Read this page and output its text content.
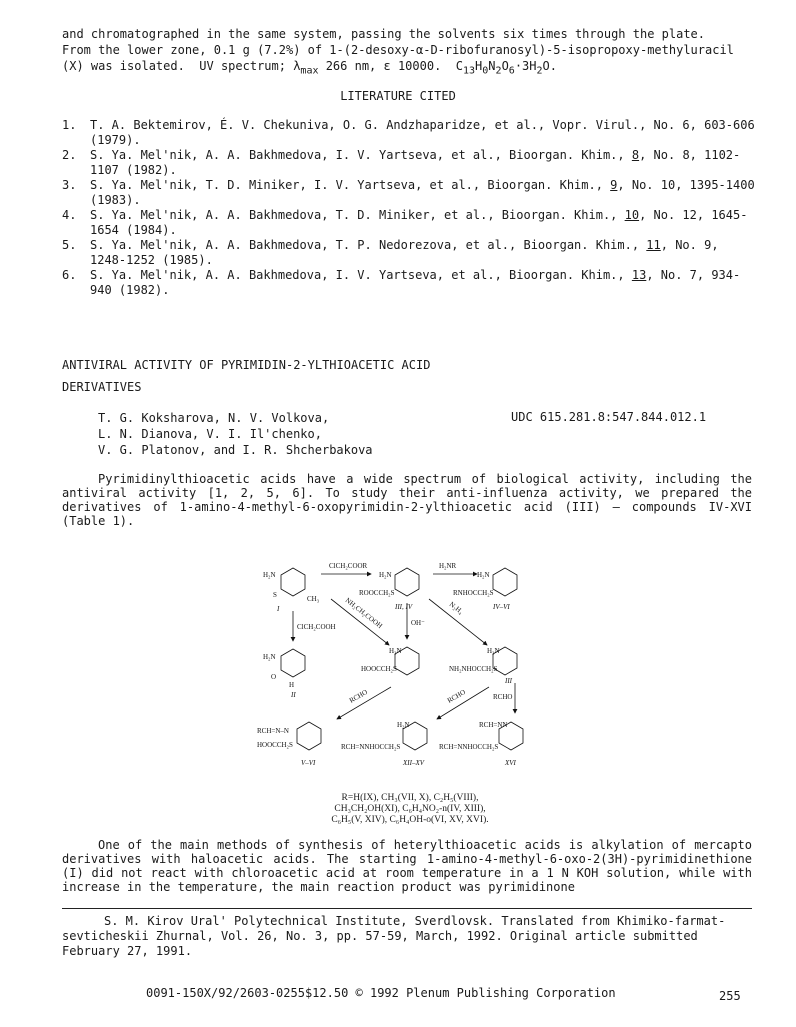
and chromatographed in the same system, passing the solvents six times through the plate.
From the lower zone, 0.1 g (7.2%) of 1-(2-desoxy-α-D-ribofuranosyl)-5-isopropoxy-methyluracil
(X) was isolated.  UV spectrum; $\lambda_{max}$ 266 nm, ε 10000.  $C_{13}H_0N_2O_6\cdot 3H_2O$.
LITERATURE CITED
1. T. A. Bektemirov, É. V. Chekuniva, O. G. Andzhaparidze, et al., Vopr. Virul., No. 6, 603-606 (1979).
2. S. Ya. Mel'nik, A. A. Bakhmedova, I. V. Yartseva, et al., Bioorgan. Khim., 8, No. 8, 1102-1107 (1982).
3. S. Ya. Mel'nik, T. D. Miniker, I. V. Yartseva, et al., Bioorgan. Khim., 9, No. 10, 1395-1400 (1983).
4. S. Ya. Mel'nik, A. A. Bakhmedova, T. D. Miniker, et al., Bioorgan. Khim., 10, No. 12, 1645-1654 (1984).
5. S. Ya. Mel'nik, A. A. Bakhmedova, T. P. Nedorezova, et al., Bioorgan. Khim., 11, No. 9, 1248-1252 (1985).
6. S. Ya. Mel'nik, A. A. Bakhmedova, I. V. Yartseva, et al., Bioorgan. Khim., 13, No. 7, 934-940 (1982).
ANTIVIRAL ACTIVITY OF PYRIMIDIN-2-YLTHIOACETIC ACID
DERIVATIVES
T. G. Koksharova, N. V. Volkova,
L. N. Dianova, V. I. Il'chenko,
V. G. Platonov, and I. R. Shcherbakova
UDC 615.281.8:547.844.012.1
Pyrimidinylthioacetic acids have a wide spectrum of biological activity, including the antiviral activity [1, 2, 5, 6]. To study their anti-influenza activity, we prepared the derivatives of 1-amino-4-methyl-6-oxopyrimidin-2-ylthioacetic acid (III) — compounds IV-XVI (Table 1).
ClCH₂COOR	H₂NR
ClCH₂COOH	OH⁻
NH₂CH₂COOH	N₂H₄
RCHO	RCHO	RCHO
H₂N
S	CH₃
H₂N
ROOCCH₂S
H₂N
RNHOCCH₂S
H₂N
O
H
H₂N
HOOCCH₂S
H₂N
NH₂NHOCCH₂S
RCH=N–N
HOOCCH₂S
H₂N
RCH=NNHOCCH₂S
RCH=NN
RCH=NNHOCCH₂S
I	III, IV	IV–VI
II
III
V–VI	XII–XV	XVI
R=H(IX), CH₃(VII, X), C₂H₅(VIII),
CH₃CH₂OH(XI), C₆H₄NO₂-n(IV, XIII),
C₆H₅(V, XIV), C₆H₄OH-o(VI, XV, XVI).
One of the main methods of synthesis of heterylthioacetic acids is alkylation of mercapto derivatives with haloacetic acids. The starting 1-amino-4-methyl-6-oxo-2(3H)-pyrimidinethione (I) did not react with chloroacetic acid at room temperature in a 1 N KOH solution, while with increase in the temperature, the main reaction product was pyrimidinone
S. M. Kirov Ural' Polytechnical Institute, Sverdlovsk. Translated from Khimiko-farmat-sevticheskii Zhurnal, Vol. 26, No. 3, pp. 57-59, March, 1992. Original article submitted February 27, 1991.
0091-150X/92/2603-0255$12.50 © 1992 Plenum Publishing Corporation	255
